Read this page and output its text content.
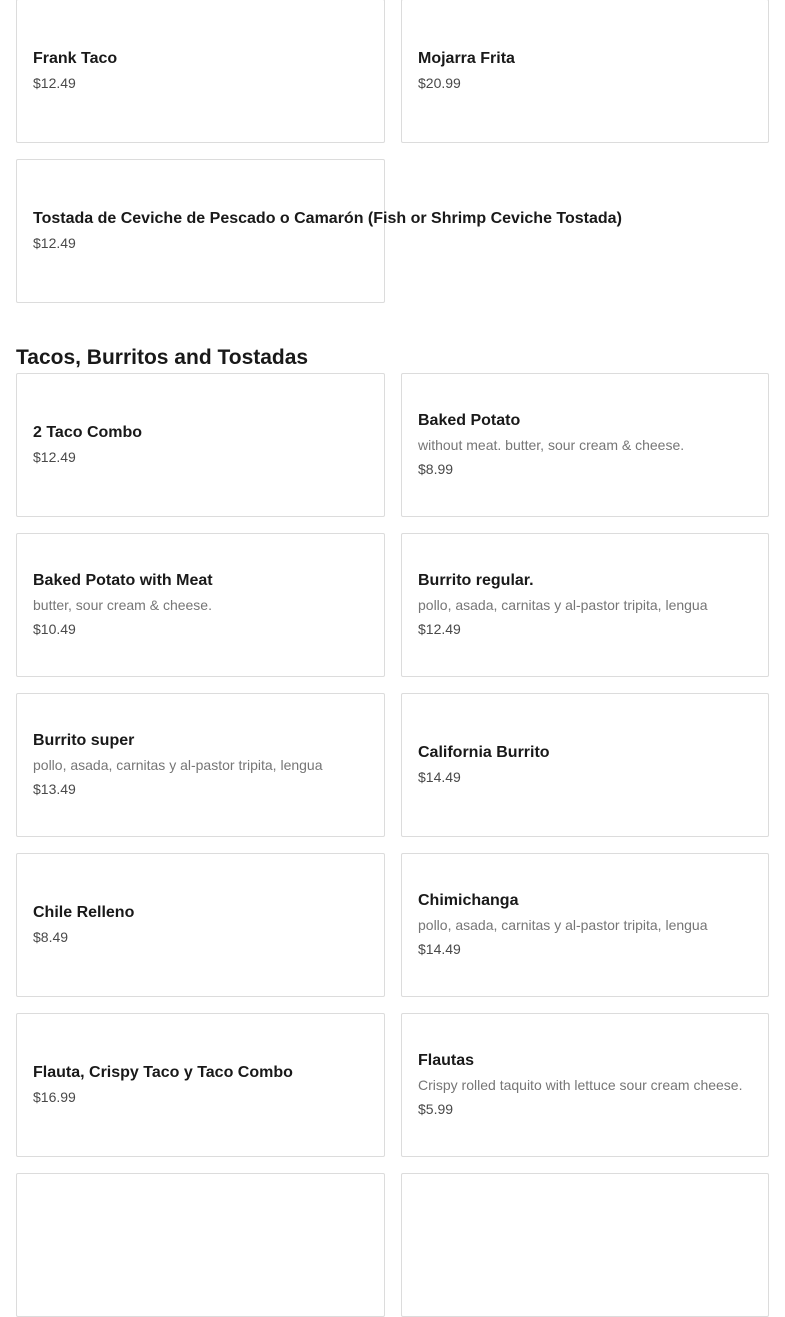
Frank Taco
$12.49
Mojarra Frita
$20.99
Tostada de Ceviche de Pescado o Camarón (Fish or Shrimp Ceviche Tostada)
$12.49
Tacos, Burritos and Tostadas
2 Taco Combo
$12.49
Baked Potato
without meat. butter, sour cream & cheese.
$8.99
Baked Potato with Meat
butter, sour cream & cheese.
$10.49
Burrito regular.
pollo, asada, carnitas y al-pastor tripita, lengua
$12.49
Burrito super
pollo, asada, carnitas y al-pastor tripita, lengua
$13.49
California Burrito
$14.49
Chile Relleno
$8.49
Chimichanga
pollo, asada, carnitas y al-pastor tripita, lengua
$14.49
Flauta, Crispy Taco y Taco Combo
$16.99
Flautas
Crispy rolled taquito with lettuce sour cream cheese.
$5.99
